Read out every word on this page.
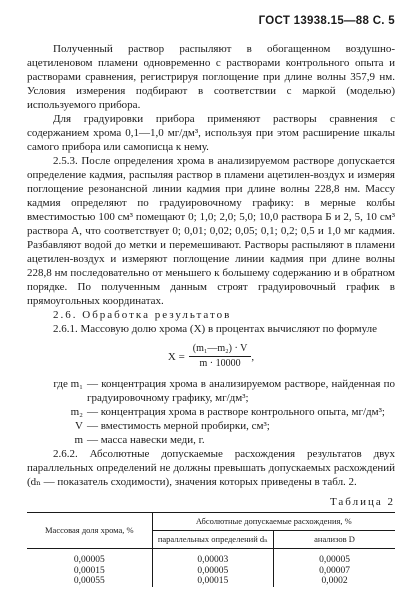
ГОСТ 13938.15—88 С. 5

Полученный раствор распыляют в обогащенном воздушно-ацетиленовом пламени одновременно с растворами контрольного опыта и растворами сравнения, регистрируя поглощение при длине волны 357,9 нм. Условия измерения подбирают в соответствии с маркой (моделью) используемого прибора.

Для градуировки прибора применяют растворы сравнения с содержанием хрома 0,1—1,0 мг/дм³, используя при этом расширение шкалы самого прибора или самописца к нему.

2.5.3. После определения хрома в анализируемом растворе допускается определение кадмия, распыляя раствор в пламени ацетилен-воздух и измеряя поглощение резонансной линии кадмия при длине волны 228,8 нм. Массу кадмия определяют по градуировочному графику: в мерные колбы вместимостью 100 см³ помещают 0; 1,0; 2,0; 5,0; 10,0 раствора Б и 2, 5, 10 см³ раствора А, что соответствует 0; 0,01; 0,02; 0,05; 0,1; 0,2; 0,5 и 1,0 мг кадмия. Разбавляют водой до метки и перемешивают. Растворы распыляют в пламени ацетилен-воздух и измеряют поглощение линии кадмия при длине волны 228,8 нм последовательно от меньшего к большему содержанию и в обратном порядке. По полученным данным строят градуировочный график в прямоугольных координатах.

2.6. Обработка результатов

2.6.1. Массовую долю хрома (X) в процентах вычисляют по формуле

$X = \frac{\text{(m₁—m₂) · V}}{m \cdot 10000}$ ,
где m₁ — концентрация хрома в анализируемом растворе, найденная по градуировочному графику, мг/дм³;
m₂ — концентрация хрома в растворе контрольного опыта, мг/дм³;
V — вместимость мерной пробирки, см³;
m — масса навески меди, г.

2.6.2. Абсолютные допускаемые расхождения результатов двух параллельных определений не должны превышать допускаемых расхождений (dₙ — показатель сходимости), значения которых приведены в табл. 2.

Таблица 2
Массовая доля хрома, %	Абсолютные допускаемые расхождения, %	
	параллельных определений dₙ	анализов D
0,00005	0,00003	0,00005
0,00015	0,00005	0,00007
0,00055	0,00015	0,0002
